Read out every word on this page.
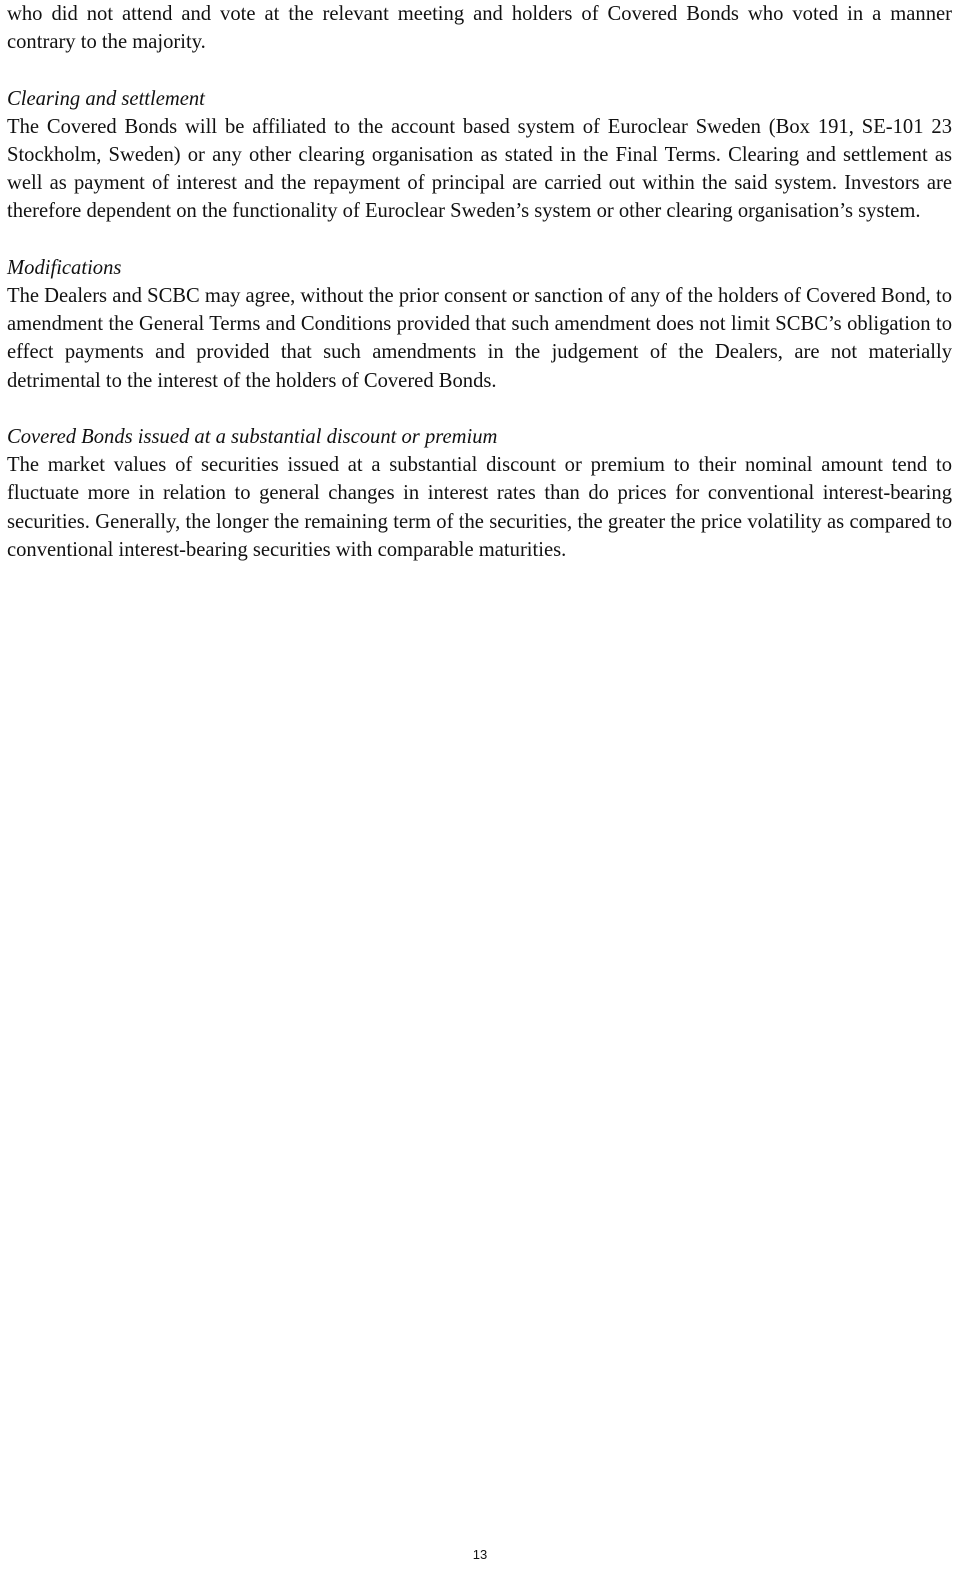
who did not attend and vote at the relevant meeting and holders of Covered Bonds who voted in a manner contrary to the majority.

Clearing and settlement

The Covered Bonds will be affiliated to the account based system of Euroclear Sweden (Box 191, SE-101 23 Stockholm, Sweden) or any other clearing organisation as stated in the Final Terms. Clearing and settlement as well as payment of interest and the repayment of principal are carried out within the said system. Investors are therefore dependent on the functionality of Euroclear Sweden’s system or other clearing organisation’s system.

Modifications

The Dealers and SCBC may agree, without the prior consent or sanction of any of the holders of Covered Bond, to amendment the General Terms and Conditions provided that such amendment does not limit SCBC’s obligation to effect payments and provided that such amendments in the judgement of the Dealers, are not materially detrimental to the interest of the holders of Covered Bonds.

Covered Bonds issued at a substantial discount or premium

The market values of securities issued at a substantial discount or premium to their nominal amount tend to fluctuate more in relation to general changes in interest rates than do prices for conventional interest-bearing securities. Generally, the longer the remaining term of the securities, the greater the price volatility as compared to conventional interest-bearing securities with comparable maturities.

13
